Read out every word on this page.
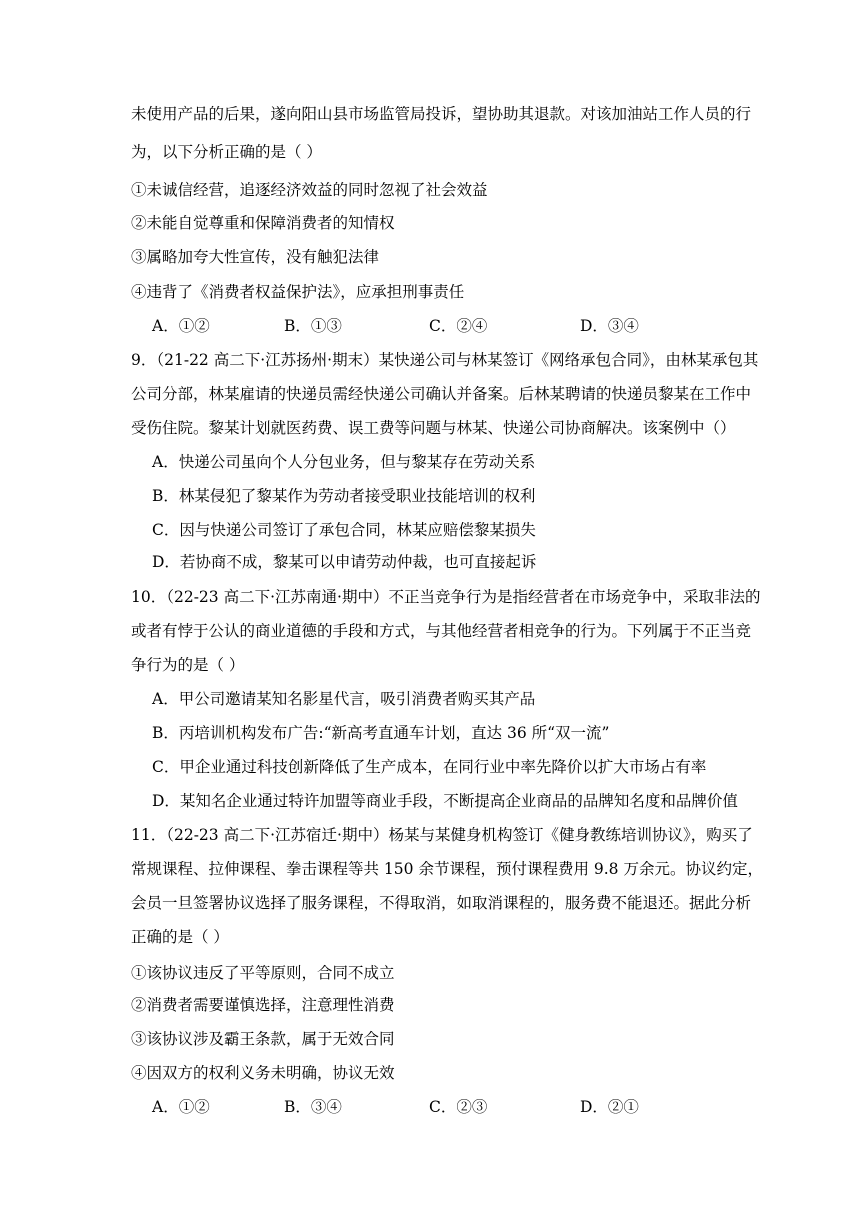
未使用产品的后果，遂向阳山县市场监管局投诉，望协助其退款。对该加油站工作人员的行
为，以下分析正确的是（ ）
①未诚信经营，追逐经济效益的同时忽视了社会效益
②未能自觉尊重和保障消费者的知情权
③属略加夸大性宣传，没有触犯法律
④违背了《消费者权益保护法》，应承担刑事责任
A．①②	B．①③	C．②④	D．③④
9．（21-22 高二下·江苏扬州·期末）某快递公司与林某签订《网络承包合同》，由林某承包其
公司分部，林某雇请的快递员需经快递公司确认并备案。后林某聘请的快递员黎某在工作中
受伤住院。黎某计划就医药费、误工费等问题与林某、快递公司协商解决。该案例中（）
A．快递公司虽向个人分包业务，但与黎某存在劳动关系
B．林某侵犯了黎某作为劳动者接受职业技能培训的权利
C．因与快递公司签订了承包合同，林某应赔偿黎某损失
D．若协商不成，黎某可以申请劳动仲裁，也可直接起诉
10．（22-23 高二下·江苏南通·期中）不正当竞争行为是指经营者在市场竞争中，采取非法的
或者有悖于公认的商业道德的手段和方式，与其他经营者相竞争的行为。下列属于不正当竞
争行为的是（ ）
A．甲公司邀请某知名影星代言，吸引消费者购买其产品
B．丙培训机构发布广告:“新高考直通车计划，直达 36 所“双一流”
C．甲企业通过科技创新降低了生产成本，在同行业中率先降价以扩大市场占有率
D．某知名企业通过特许加盟等商业手段，不断提高企业商品的品牌知名度和品牌价值
11．（22-23 高二下·江苏宿迁·期中）杨某与某健身机构签订《健身教练培训协议》，购买了
常规课程、拉伸课程、拳击课程等共 150 余节课程，预付课程费用 9.8 万余元。协议约定，
会员一旦签署协议选择了服务课程，不得取消，如取消课程的，服务费不能退还。据此分析
正确的是（ ）
①该协议违反了平等原则，合同不成立
②消费者需要谨慎选择，注意理性消费
③该协议涉及霸王条款，属于无效合同
④因双方的权利义务未明确，协议无效
A．①②	B．③④	C．②③	D．②①
